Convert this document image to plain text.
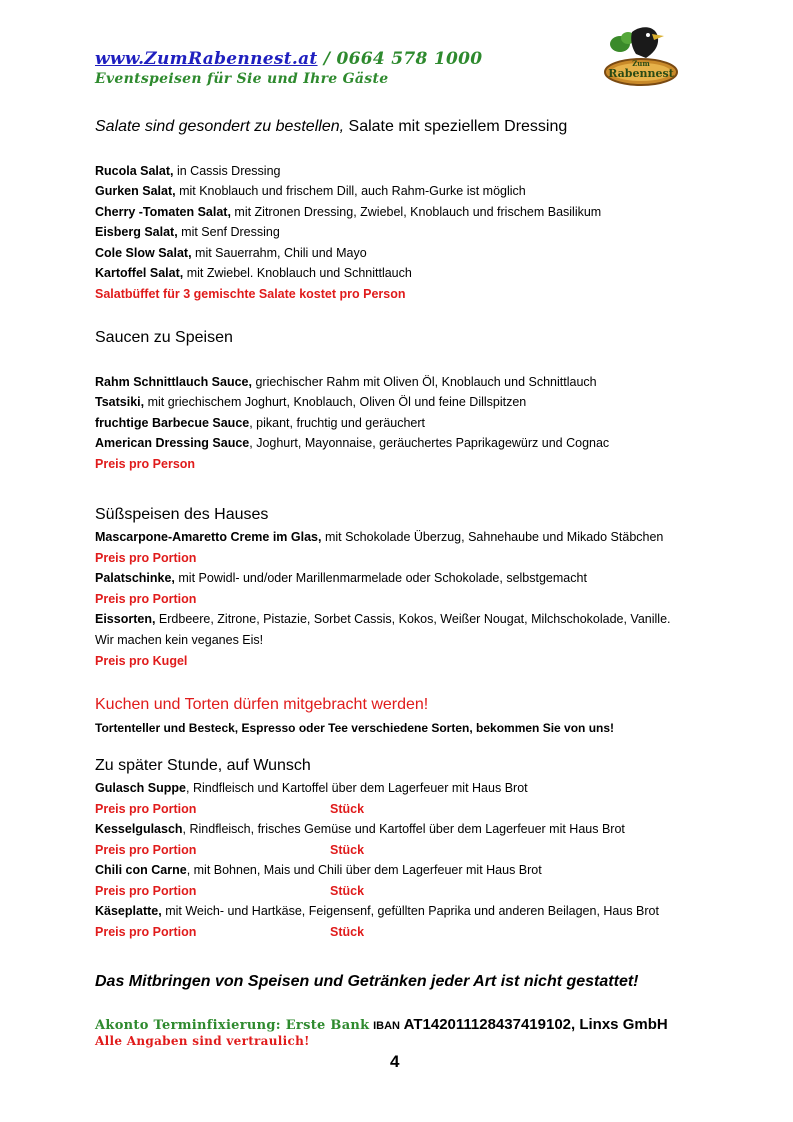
www.ZumRabennest.at / 0664 578 1000
Eventspeisen für Sie und Ihre Gäste
Zum
Rabennest
Salate sind gesondert zu bestellen, Salate mit speziellem Dressing
Rucola Salat, in Cassis Dressing
Gurken Salat, mit Knoblauch und frischem Dill, auch Rahm-Gurke ist möglich
Cherry -Tomaten Salat, mit Zitronen Dressing, Zwiebel, Knoblauch und frischem Basilikum
Eisberg Salat, mit Senf Dressing
Cole Slow Salat, mit Sauerrahm, Chili und Mayo
Kartoffel Salat, mit Zwiebel. Knoblauch und Schnittlauch
Salatbüffet für 3 gemischte Salate kostet pro Person
Saucen zu Speisen
Rahm Schnittlauch Sauce, griechischer Rahm mit Oliven Öl, Knoblauch und Schnittlauch
Tsatsiki, mit griechischem Joghurt, Knoblauch, Oliven Öl und feine Dillspitzen
fruchtige Barbecue Sauce, pikant, fruchtig und geräuchert
American Dressing Sauce, Joghurt, Mayonnaise, geräuchertes Paprikagewürz und Cognac
Preis pro Person
Süßspeisen des Hauses
Mascarpone-Amaretto Creme im Glas, mit Schokolade Überzug, Sahnehaube und Mikado Stäbchen
Preis pro Portion
Palatschinke, mit Powidl- und/oder Marillenmarmelade oder Schokolade, selbstgemacht
Preis pro Portion
Eissorten, Erdbeere, Zitrone, Pistazie, Sorbet Cassis, Kokos, Weißer Nougat, Milchschokolade, Vanille.
Wir machen kein veganes Eis!
Preis pro Kugel
Kuchen und Torten dürfen mitgebracht werden!
Tortenteller und Besteck, Espresso oder Tee verschiedene Sorten, bekommen Sie von uns!
Zu später Stunde, auf Wunsch
Gulasch Suppe, Rindfleisch und Kartoffel über dem Lagerfeuer mit Haus Brot
Preis pro Portion	Stück
Kesselgulasch, Rindfleisch, frisches Gemüse und Kartoffel über dem Lagerfeuer mit Haus Brot
Preis pro Portion	Stück
Chili con Carne, mit Bohnen, Mais und Chili über dem Lagerfeuer mit Haus Brot
Preis pro Portion	Stück
Käseplatte, mit Weich- und Hartkäse, Feigensenf, gefüllten Paprika und anderen Beilagen, Haus Brot
Preis pro Portion	Stück
Das Mitbringen von Speisen und Getränken jeder Art ist nicht gestattet!
Akonto Terminfixierung: Erste Bank IBAN AT142011128437419102, Linxs GmbH
Alle Angaben sind vertraulich!
4
